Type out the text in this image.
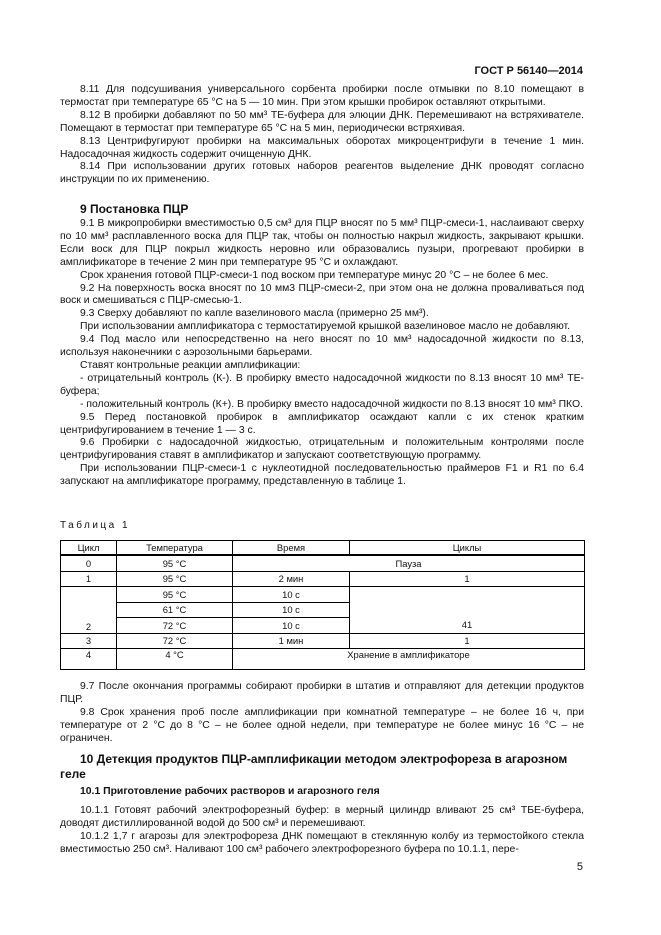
ГОСТ Р 56140—2014

8.11 Для подсушивания универсального сорбента пробирки после отмывки по 8.10 помещают в термостат при температуре 65 °С на 5 — 10 мин. При этом крышки пробирок оставляют открытыми.

8.12 В пробирки добавляют по 50 мм³ ТЕ-буфера для элюции ДНК. Перемешивают на встряхивателе. Помещают в термостат при температуре 65 °С на 5 мин, периодически встряхивая.

8.13 Центрифугируют пробирки на максимальных оборотах микроцентрифуги в течение 1 мин. Надосадочная жидкость содержит очищенную ДНК.

8.14 При использовании других готовых наборов реагентов выделение ДНК проводят согласно инструкции по их применению.

9 Постановка ПЦР

9.1 В микропробирки вместимостью 0,5 см³ для ПЦР вносят по 5 мм³ ПЦР-смеси-1, наслаивают сверху по 10 мм³ расплавленного воска для ПЦР так, чтобы он полностью накрыл жидкость, закрывают крышки. Если воск для ПЦР покрыл жидкость неровно или образовались пузыри, прогревают пробирки в амплификаторе в течение 2 мин при температуре 95 °С и охлаждают.

Срок хранения готовой ПЦР-смеси-1 под воском при температуре минус 20 °С – не более 6 мес.

9.2 На поверхность воска вносят по 10 мм3 ПЦР-смеси-2, при этом она не должна проваливаться под воск и смешиваться с ПЦР-смесью-1.

9.3 Сверху добавляют по капле вазелинового масла (примерно 25 мм³).

При использовании амплификатора с термостатируемой крышкой вазелиновое масло не добавляют.

9.4 Под масло или непосредственно на него вносят по 10 мм³ надосадочной жидкости по 8.13, используя наконечники с аэрозольными барьерами.

Ставят контрольные реакции амплификации:

- отрицательный контроль (К-). В пробирку вместо надосадочной жидкости по 8.13 вносят 10 мм³ ТЕ-буфера;

- положительный контроль (К+). В пробирку вместо надосадочной жидкости по 8.13 вносят 10 мм³ ПКО.

9.5 Перед постановкой пробирок в амплификатор осаждают капли с их стенок кратким центрифугированием в течение 1 — 3 с.

9.6 Пробирки с надосадочной жидкостью, отрицательным и положительным контролями после центрифугирования ставят в амплификатор и запускают соответствующую программу.

При использовании ПЦР-смеси-1 с нуклеотидной последовательностью праймеров F1 и R1 по 6.4 запускают на амплификаторе программу, представленную в таблице 1.

Таблица 1
Цикл	Температура	Время	Циклы
0	95 °С	Пауза	
1	95 °С	2 мин	1
2	95 °С	10 с	41
	61 °С	10 с	
	72 °С	10 с	
3	72 °С	1 мин	1
4	4 °С	Хранение в амплификаторе	

9.7 После окончания программы собирают пробирки в штатив и отправляют для детекции продуктов ПЦР.

9.8 Срок хранения проб после амплификации при комнатной температуре – не более 16 ч, при температуре от 2 °С до 8 °С – не более одной недели, при температуре не более минус 16 °С – не ограничен.

10 Детекция продуктов ПЦР-амплификации методом электрофореза в агарозном геле
10.1 Приготовление рабочих растворов и агарозного геля

10.1.1 Готовят рабочий электрофорезный буфер: в мерный цилиндр вливают 25 см³ ТБЕ-буфера, доводят дистиллированной водой до 500 см³ и перемешивают.

10.1.2 1,7 г агарозы для электрофореза ДНК помещают в стеклянную колбу из термостойкого стекла вместимостью 250 см³. Наливают 100 см³ рабочего электрофорезного буфера по 10.1.1, пере-

5
